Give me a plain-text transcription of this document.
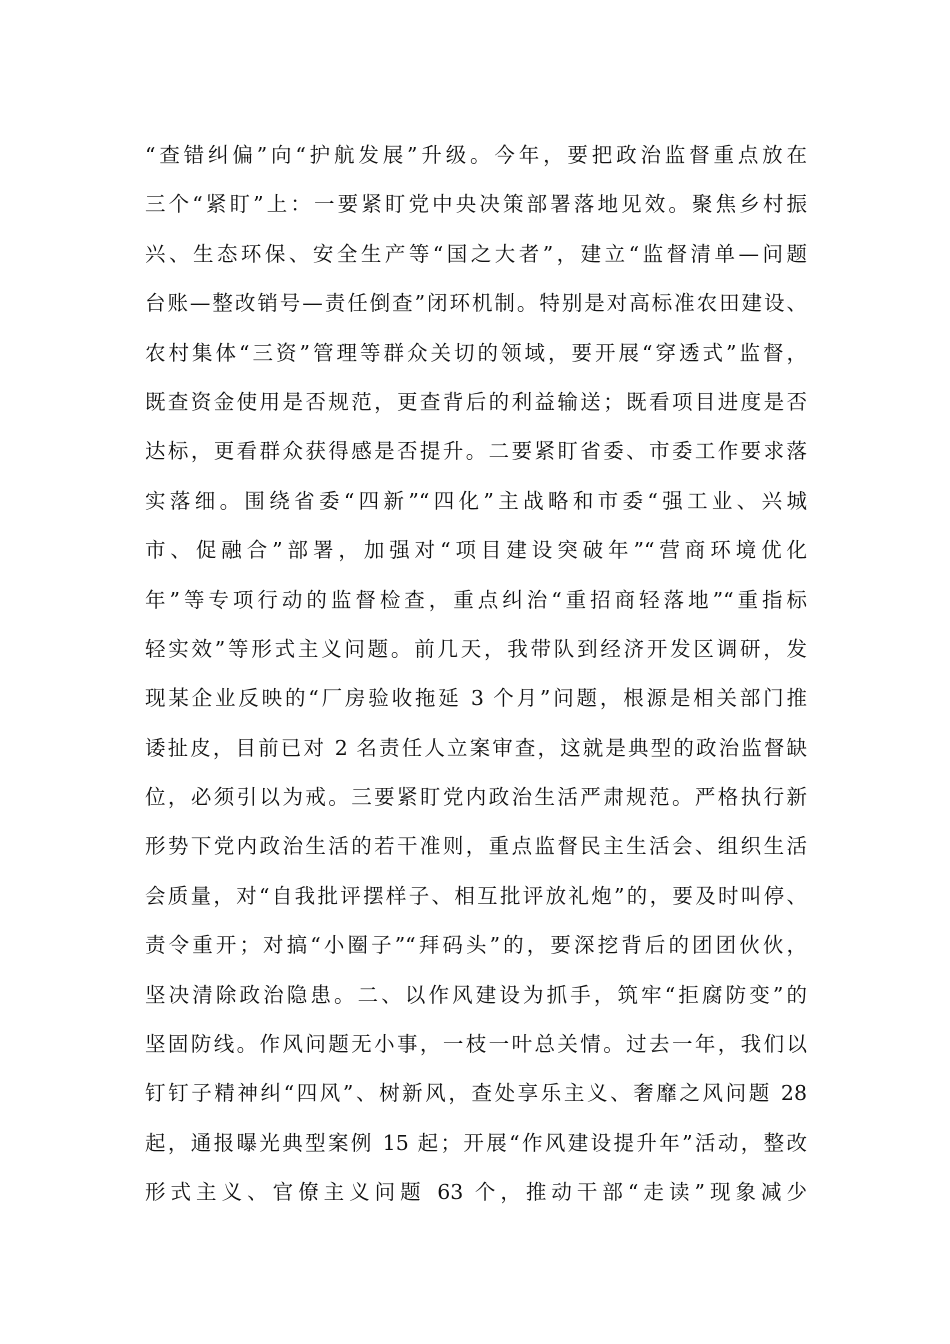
“查错纠偏”向“护航发展”升级。今年，要把政治监督重点放在
三个“紧盯”上：一要紧盯党中央决策部署落地见效。聚焦乡村振
兴、生态环保、安全生产等“国之大者”，建立“监督清单—问题
台账—整改销号—责任倒查”闭环机制。特别是对高标准农田建设、
农村集体“三资”管理等群众关切的领域，要开展“穿透式”监督，
既查资金使用是否规范，更查背后的利益输送；既看项目进度是否
达标，更看群众获得感是否提升。二要紧盯省委、市委工作要求落
实落细。围绕省委“四新”“四化”主战略和市委“强工业、兴城
市、促融合”部署，加强对“项目建设突破年”“营商环境优化
年”等专项行动的监督检查，重点纠治“重招商轻落地”“重指标
轻实效”等形式主义问题。前几天，我带队到经济开发区调研，发
现某企业反映的“厂房验收拖延 3 个月”问题，根源是相关部门推
诿扯皮，目前已对 2 名责任人立案审查，这就是典型的政治监督缺
位，必须引以为戒。三要紧盯党内政治生活严肃规范。严格执行新
形势下党内政治生活的若干准则，重点监督民主生活会、组织生活
会质量，对“自我批评摆样子、相互批评放礼炮”的，要及时叫停、
责令重开；对搞“小圈子”“拜码头”的，要深挖背后的团团伙伙，
坚决清除政治隐患。二、以作风建设为抓手，筑牢“拒腐防变”的
坚固防线。作风问题无小事，一枝一叶总关情。过去一年，我们以
钉钉子精神纠“四风”、树新风，查处享乐主义、奢靡之风问题 28
起，通报曝光典型案例 15 起；开展“作风建设提升年”活动，整改
形式主义、官僚主义问题 63 个，推动干部“走读”现象减少
